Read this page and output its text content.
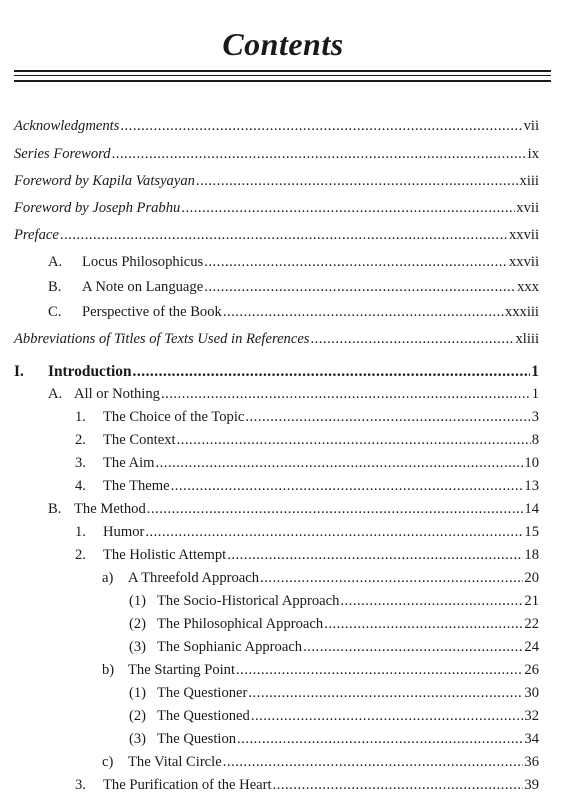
Contents
Acknowledgments .....	vii
Series Foreword .....	ix
Foreword by Kapila Vatsyayan .....	xiii
Foreword by Joseph Prabhu .....	xvii
Preface .....	xxvii
A.	Locus Philosophicus .....	xxvii
B.	A Note on Language .....	xxx
C.	Perspective of the Book .....	xxxiii
Abbreviations of Titles of Texts Used in References .....	xliii
I.	Introduction .....	1
A. All or Nothing .....	1
1.	The Choice of the Topic .....	3
2.	The Context .....	8
3.	The Aim .....	10
4.	The Theme .....	13
B. The Method .....	14
1.	Humor .....	15
2.	The Holistic Attempt .....	18
a)	A Threefold Approach .....	20
(1) The Socio-Historical Approach .....	21
(2) The Philosophical Approach .....	22
(3) The Sophianic Approach .....	24
b) The Starting Point .....	26
(1) The Questioner .....	30
(2) The Questioned .....	32
(3) The Question .....	34
c)	The Vital Circle .....	36
3.	The Purification of the Heart .....	39
